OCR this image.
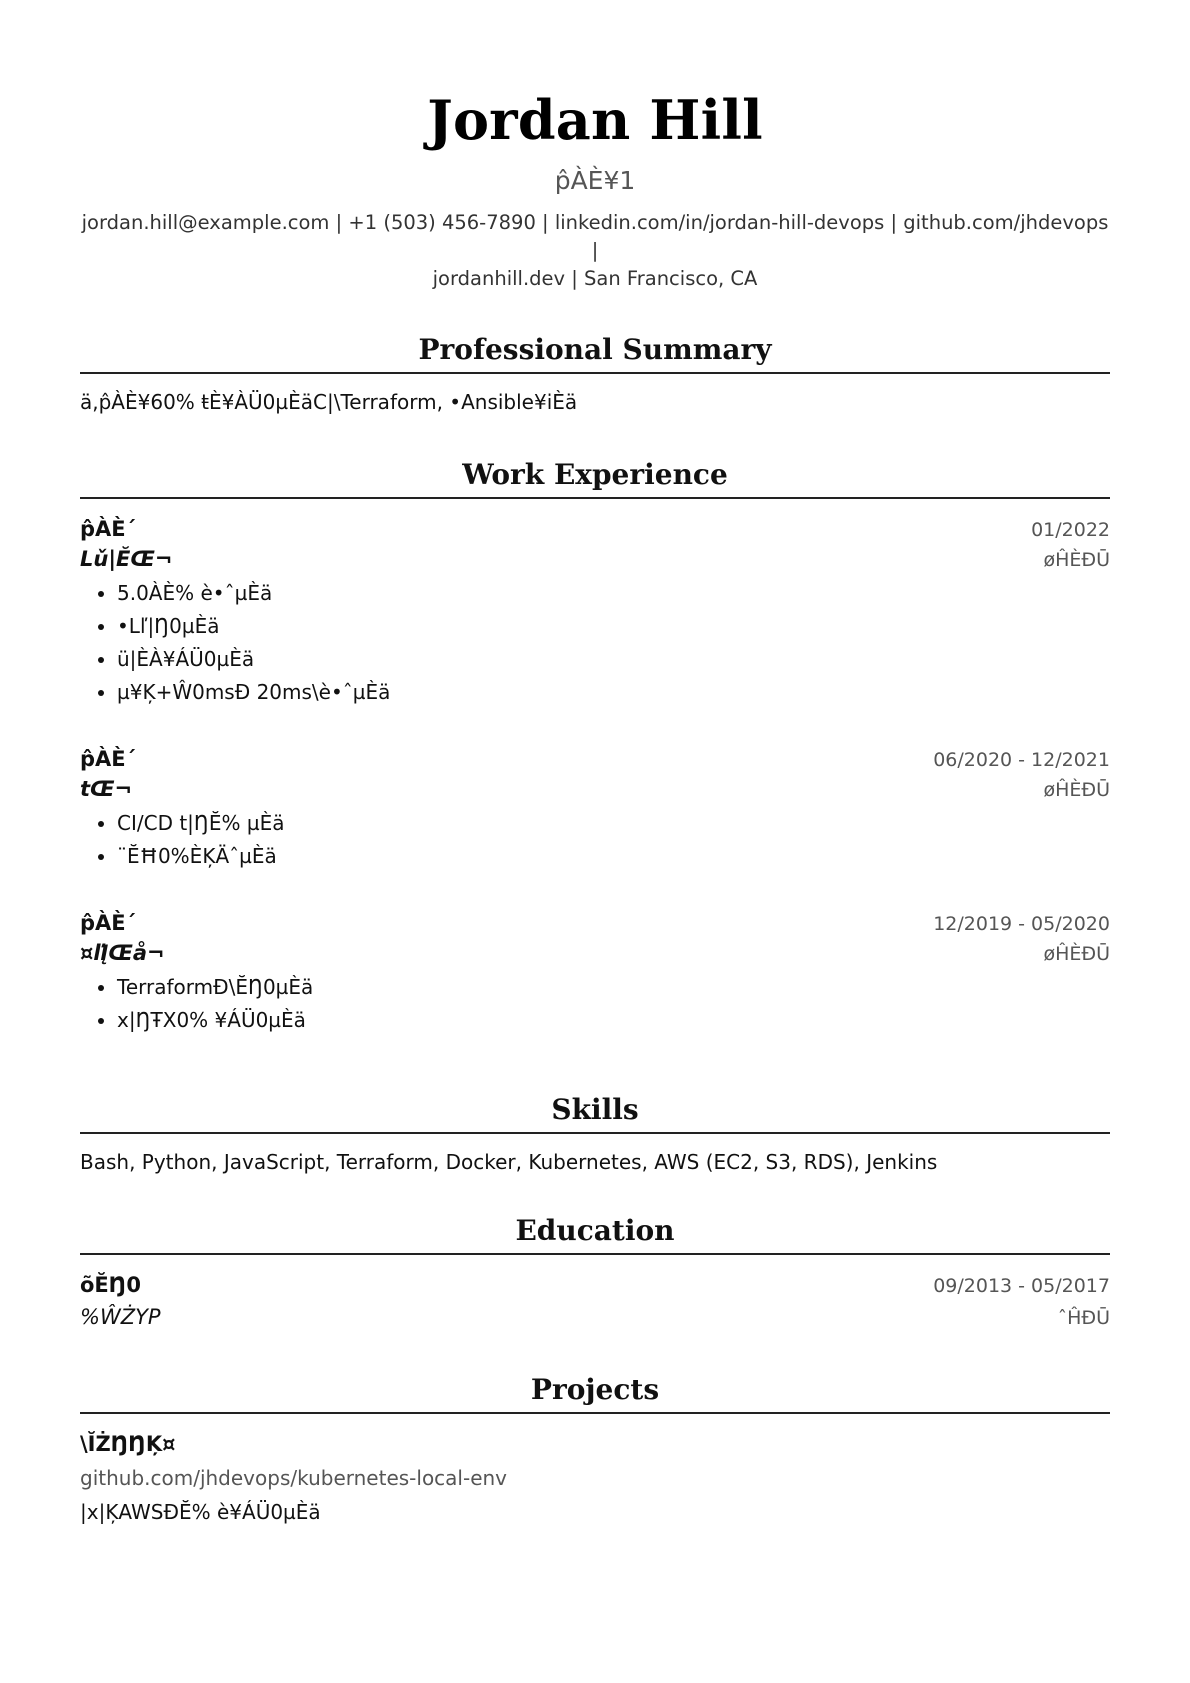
Jordan Hill
p̂ÀÈ¥1
jordan.hill@example.com | +1 (503) 456-7890 | linkedin.com/in/jordan-hill-devops | github.com/jhdevops |
jordanhill.dev | San Francisco, CA
Professional Summary
ä,p̂ÀÈ¥60% ŧÈ¥ÀÜ0µÈäC|\Terraform, •Ansible¥iÈä
Work Experience
p̂ÀÈ´	01/2022
Lǔ|ĔŒ¬	øĤÈĐŪ
• 5.0ÀÈ% è•ˆµÈä
• •Lľ|Ŋ0µÈä
• ü|ÈÀ¥ÁÜ0µÈä
• µ¥Ķ+Ŵ0msĐ 20ms\è•ˆµÈä
p̂ÀÈ´	06/2020 - 12/2021
tŒ¬	øĤÈĐŪ
• CI/CD t|ŊĔ% µÈä
• ¨ĔĦ0%ÈĶÄˆµÈä
p̂ÀÈ´	12/2019 - 05/2020
¤ľĮŒå¬	øĤÈĐŪ
• TerraformĐ\ĔŊ0µÈä
• x|ŊŦX0% ¥ÁÜ0µÈä
Skills
Bash, Python, JavaScript, Terraform, Docker, Kubernetes, AWS (EC2, S3, RDS), Jenkins
Education
õĔŊ0	09/2013 - 05/2017
%ŴŻYP	ˆĤĐŪ
Projects
\ĬŻŊŊĶ¤
github.com/jhdevops/kubernetes-local-env
|x|ĶAWSĐĔ% è¥ÁÜ0µÈä
